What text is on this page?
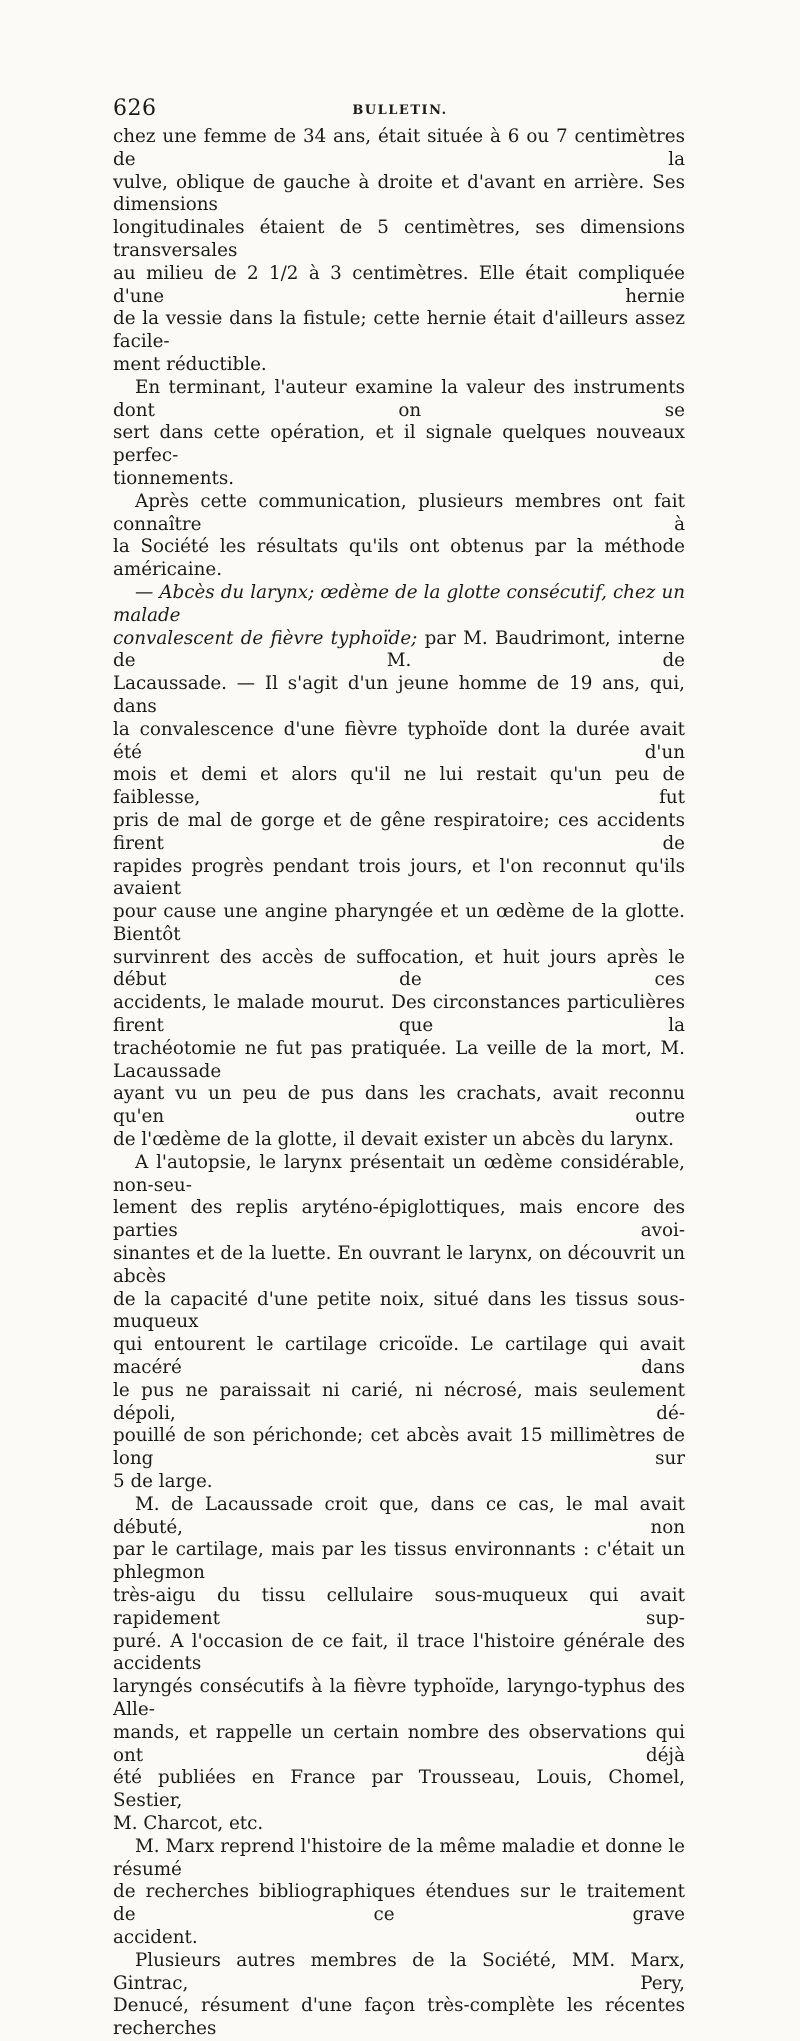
626	BULLETIN.

chez une femme de 34 ans, était située à 6 ou 7 centimètres de la

vulve, oblique de gauche à droite et d'avant en arrière. Ses dimensions

longitudinales étaient de 5 centimètres, ses dimensions transversales

au milieu de 2 1/2 à 3 centimètres. Elle était compliquée d'une hernie

de la vessie dans la fistule; cette hernie était d'ailleurs assez facile-

ment réductible.

En terminant, l'auteur examine la valeur des instruments dont on se

sert dans cette opération, et il signale quelques nouveaux perfec-

tionnements.

Après cette communication, plusieurs membres ont fait connaître à

la Société les résultats qu'ils ont obtenus par la méthode américaine.

— Abcès du larynx; œdème de la glotte consécutif, chez un malade

convalescent de fièvre typhoïde; par M. Baudrimont, interne de M. de

Lacaussade. — Il s'agit d'un jeune homme de 19 ans, qui, dans

la convalescence d'une fièvre typhoïde dont la durée avait été d'un

mois et demi et alors qu'il ne lui restait qu'un peu de faiblesse, fut

pris de mal de gorge et de gêne respiratoire; ces accidents firent de

rapides progrès pendant trois jours, et l'on reconnut qu'ils avaient

pour cause une angine pharyngée et un œdème de la glotte. Bientôt

survinrent des accès de suffocation, et huit jours après le début de ces

accidents, le malade mourut. Des circonstances particulières firent que la

trachéotomie ne fut pas pratiquée. La veille de la mort, M. Lacaussade

ayant vu un peu de pus dans les crachats, avait reconnu qu'en outre

de l'œdème de la glotte, il devait exister un abcès du larynx.

A l'autopsie, le larynx présentait un œdème considérable, non-seu-

lement des replis aryténo-épiglottiques, mais encore des parties avoi-

sinantes et de la luette. En ouvrant le larynx, on découvrit un abcès

de la capacité d'une petite noix, situé dans les tissus sous-muqueux

qui entourent le cartilage cricoïde. Le cartilage qui avait macéré dans

le pus ne paraissait ni carié, ni nécrosé, mais seulement dépoli, dé-

pouillé de son périchonde; cet abcès avait 15 millimètres de long sur

5 de large.

M. de Lacaussade croit que, dans ce cas, le mal avait débuté, non

par le cartilage, mais par les tissus environnants : c'était un phlegmon

très-aigu du tissu cellulaire sous-muqueux qui avait rapidement sup-

puré. A l'occasion de ce fait, il trace l'histoire générale des accidents

laryngés consécutifs à la fièvre typhoïde, laryngo-typhus des Alle-

mands, et rappelle un certain nombre des observations qui ont déjà

été publiées en France par Trousseau, Louis, Chomel, Sestier,

M. Charcot, etc.

M. Marx reprend l'histoire de la même maladie et donne le résumé

de recherches bibliographiques étendues sur le traitement de ce grave

accident.

Plusieurs autres membres de la Société, MM. Marx, Gintrac, Pery,

Denucé, résument d'une façon très-complète les récentes recherches
